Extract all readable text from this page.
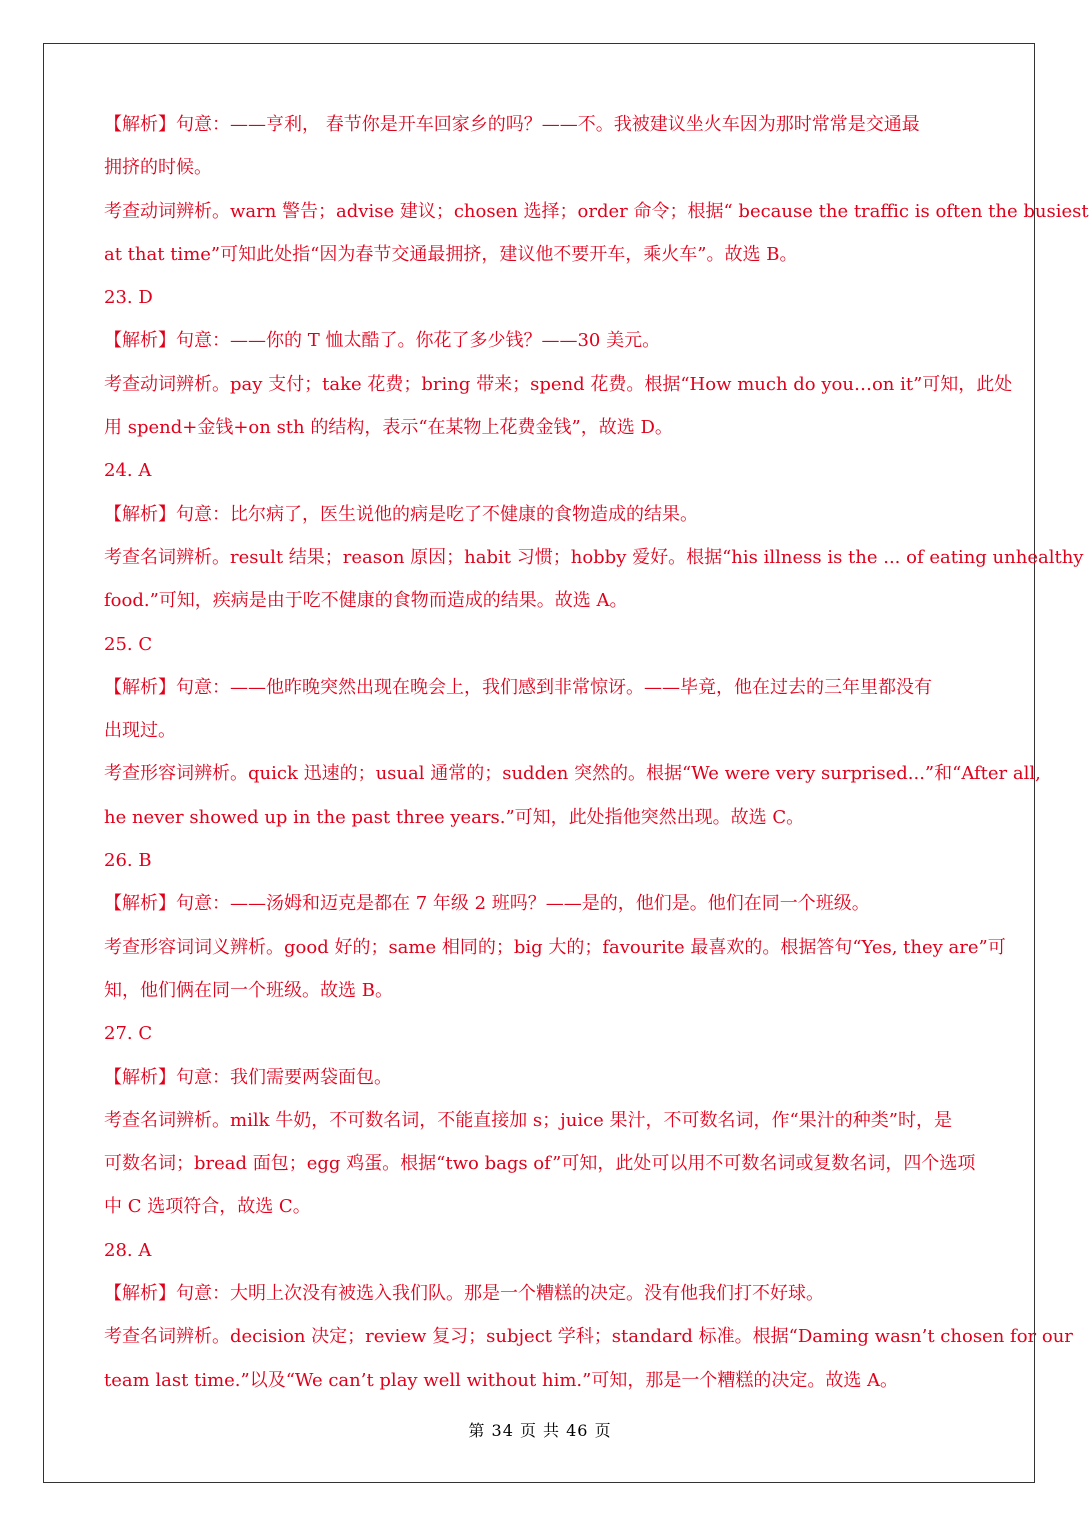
【解析】句意：——亨利， 春节你是开车回家乡的吗？——不。我被建议坐火车因为那时常常是交通最
拥挤的时候。
考查动词辨析。warn 警告；advise 建议；chosen 选择；order 命令；根据“ because the traffic is often the busiest
at that time”可知此处指“因为春节交通最拥挤，建议他不要开车，乘火车”。故选 B。
23. D
【解析】句意：——你的 T 恤太酷了。你花了多少钱？——30 美元。
考查动词辨析。pay 支付；take 花费；bring 带来；spend 花费。根据“How much do you…on it”可知，此处
用 spend+金钱+on sth 的结构，表示“在某物上花费金钱”，故选 D。
24. A
【解析】句意：比尔病了，医生说他的病是吃了不健康的食物造成的结果。
考查名词辨析。result 结果；reason 原因；habit 习惯；hobby 爱好。根据“his illness is the ... of eating unhealthy
food.”可知，疾病是由于吃不健康的食物而造成的结果。故选 A。
25. C
【解析】句意：——他昨晚突然出现在晚会上，我们感到非常惊讶。——毕竟，他在过去的三年里都没有
出现过。
考查形容词辨析。quick 迅速的；usual 通常的；sudden 突然的。根据“We were very surprised...”和“After all,
he never showed up in the past three years.”可知，此处指他突然出现。故选 C。
26. B
【解析】句意：——汤姆和迈克是都在 7 年级 2 班吗？——是的，他们是。他们在同一个班级。
考查形容词词义辨析。good 好的；same 相同的；big 大的；favourite 最喜欢的。根据答句“Yes, they are”可
知，他们俩在同一个班级。故选 B。
27. C
【解析】句意：我们需要两袋面包。
考查名词辨析。milk 牛奶，不可数名词，不能直接加 s；juice 果汁，不可数名词，作“果汁的种类”时，是
可数名词；bread 面包；egg 鸡蛋。根据“two bags of”可知，此处可以用不可数名词或复数名词，四个选项
中 C 选项符合，故选 C。
28. A
【解析】句意：大明上次没有被选入我们队。那是一个糟糕的决定。没有他我们打不好球。
考查名词辨析。decision 决定；review 复习；subject 学科；standard 标准。根据“Daming wasn’t chosen for our
team last time.”以及“We can’t play well without him.”可知，那是一个糟糕的决定。故选 A。
第 34 页 共 46 页
